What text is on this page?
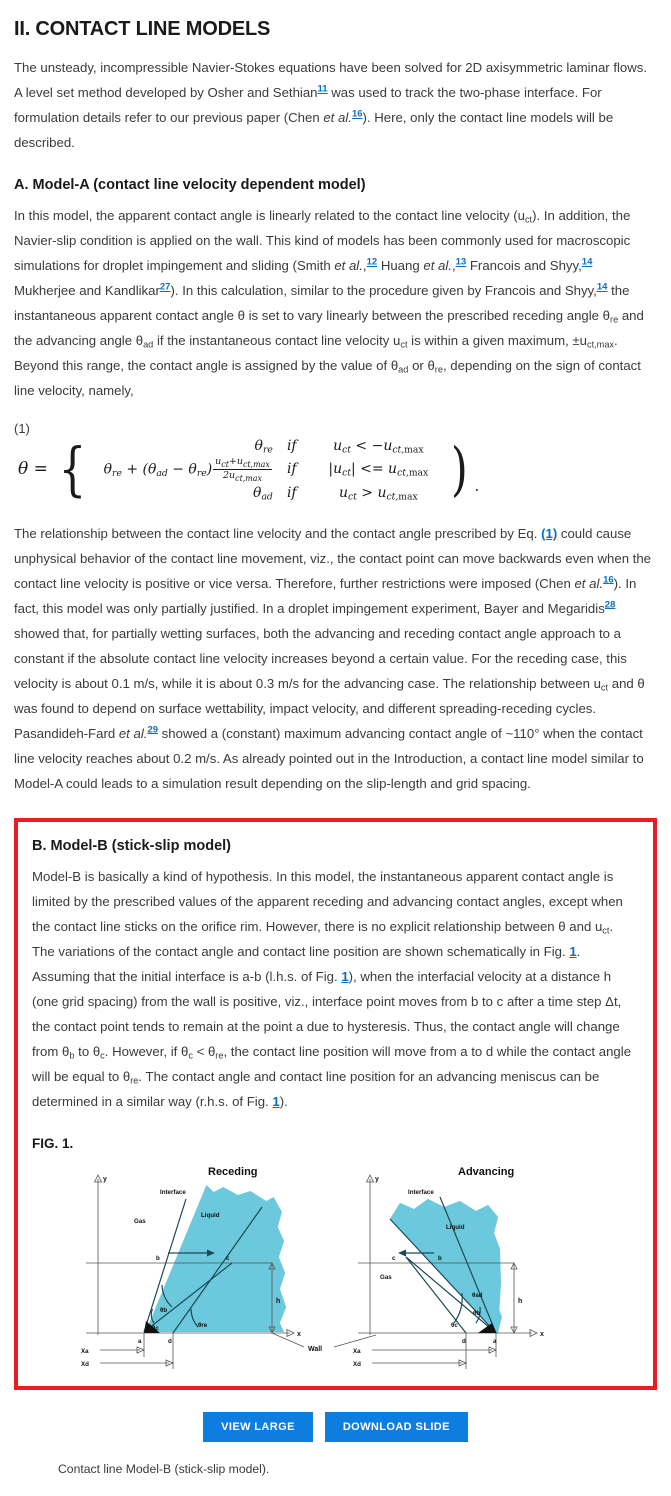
II. CONTACT LINE MODELS

The unsteady, incompressible Navier-Stokes equations have been solved for 2D axisymmetric laminar flows. A level set method developed by Osher and Sethian$^{11}$ was used to track the two-phase interface. For formulation details refer to our previous paper (Chen et al.$^{16}$). Here, only the contact line models will be described.

A. Model-A (contact line velocity dependent model)

In this model, the apparent contact angle is linearly related to the contact line velocity $(u_{ct})$. In addition, the Navier-slip condition is applied on the wall. This kind of models has been commonly used for macroscopic simulations for droplet impingement and sliding (Smith et al.,$^{12}$ Huang et al.,$^{13}$ Francois and Shyy,$^{14}$ Mukherjee and Kandlikar$^{27}$). In this calculation, similar to the procedure given by Francois and Shyy,$^{14}$ the instantaneous apparent contact angle θ is set to vary linearly between the prescribed receding angle $\theta_{re}$ and the advancing angle $\theta_{ad}$ if the instantaneous contact line velocity $u_{ct}$ is within a given maximum, $\pm u_{ct,max}$. Beyond this range, the contact angle is assigned by the value of $\theta_{ad}$ or $\theta_{re}$, depending on the sign of contact line velocity, namely,

(1)
θ = {	$\theta_{re}$	if	$u_{ct} < -u_{ct,max}$
$\theta_{re} + (\theta_{ad} - \theta_{re}) \frac{u_{ct}+u_{ct,max}}{2u_{ct,max}}$	if	$|u_{ct}| <= u_{ct,max}$
$\theta_{ad}$	if	$u_{ct} > u_{ct,max}$ ) .

The relationship between the contact line velocity and the contact angle prescribed by Eq. (1) could cause unphysical behavior of the contact line movement, viz., the contact point can move backwards even when the contact line velocity is positive or vice versa. Therefore, further restrictions were imposed (Chen et al.$^{16}$). In fact, this model was only partially justified. In a droplet impingement experiment, Bayer and Megaridis$^{28}$ showed that, for partially wetting surfaces, both the advancing and receding contact angle approach to a constant if the absolute contact line velocity increases beyond a certain value. For the receding case, this velocity is about 0.1 m/s, while it is about 0.3 m/s for the advancing case. The relationship between $u_{ct}$ and θ was found to depend on surface wettability, impact velocity, and different spreading-receding cycles. Pasandideh-Fard et al.$^{29}$ showed a (constant) maximum advancing contact angle of ~110° when the contact line velocity reaches about 0.2 m/s. As already pointed out in the Introduction, a contact line model similar to Model-A could leads to a simulation result depending on the slip-length and grid spacing.

B. Model-B (stick-slip model)

Model-B is basically a kind of hypothesis. In this model, the instantaneous apparent contact angle is limited by the prescribed values of the apparent receding and advancing contact angles, except when the contact line sticks on the orifice rim. However, there is no explicit relationship between θ and $u_{ct}$. The variations of the contact angle and contact line position are shown schematically in Fig. 1. Assuming that the initial interface is a-b (l.h.s. of Fig. 1), when the interfacial velocity at a distance h (one grid spacing) from the wall is positive, viz., interface point moves from b to c after a time step Δt, the contact point tends to remain at the point a due to hysteresis. Thus, the contact angle will change from $\theta_b$ to $\theta_c$. However, if $\theta_c < \theta_{re}$, the contact line position will move from a to d while the contact angle will be equal to $\theta_{re}$. The contact angle and contact line position for an advancing meniscus can be determined in a similar way (r.h.s. of Fig. 1).

FIG. 1.
y
x
h
Xa
Xd
a	d
b	c
θb
θc	θre
Gas
Liquid
Interface
Receding
Wall
y
x
h
Xa
Xd
a
d
b
c
θb
θc
θad
Gas
Liquid
Interface
Advancing
VIEW LARGE	DOWNLOAD SLIDE
Contact line Model-B (stick-slip model).
